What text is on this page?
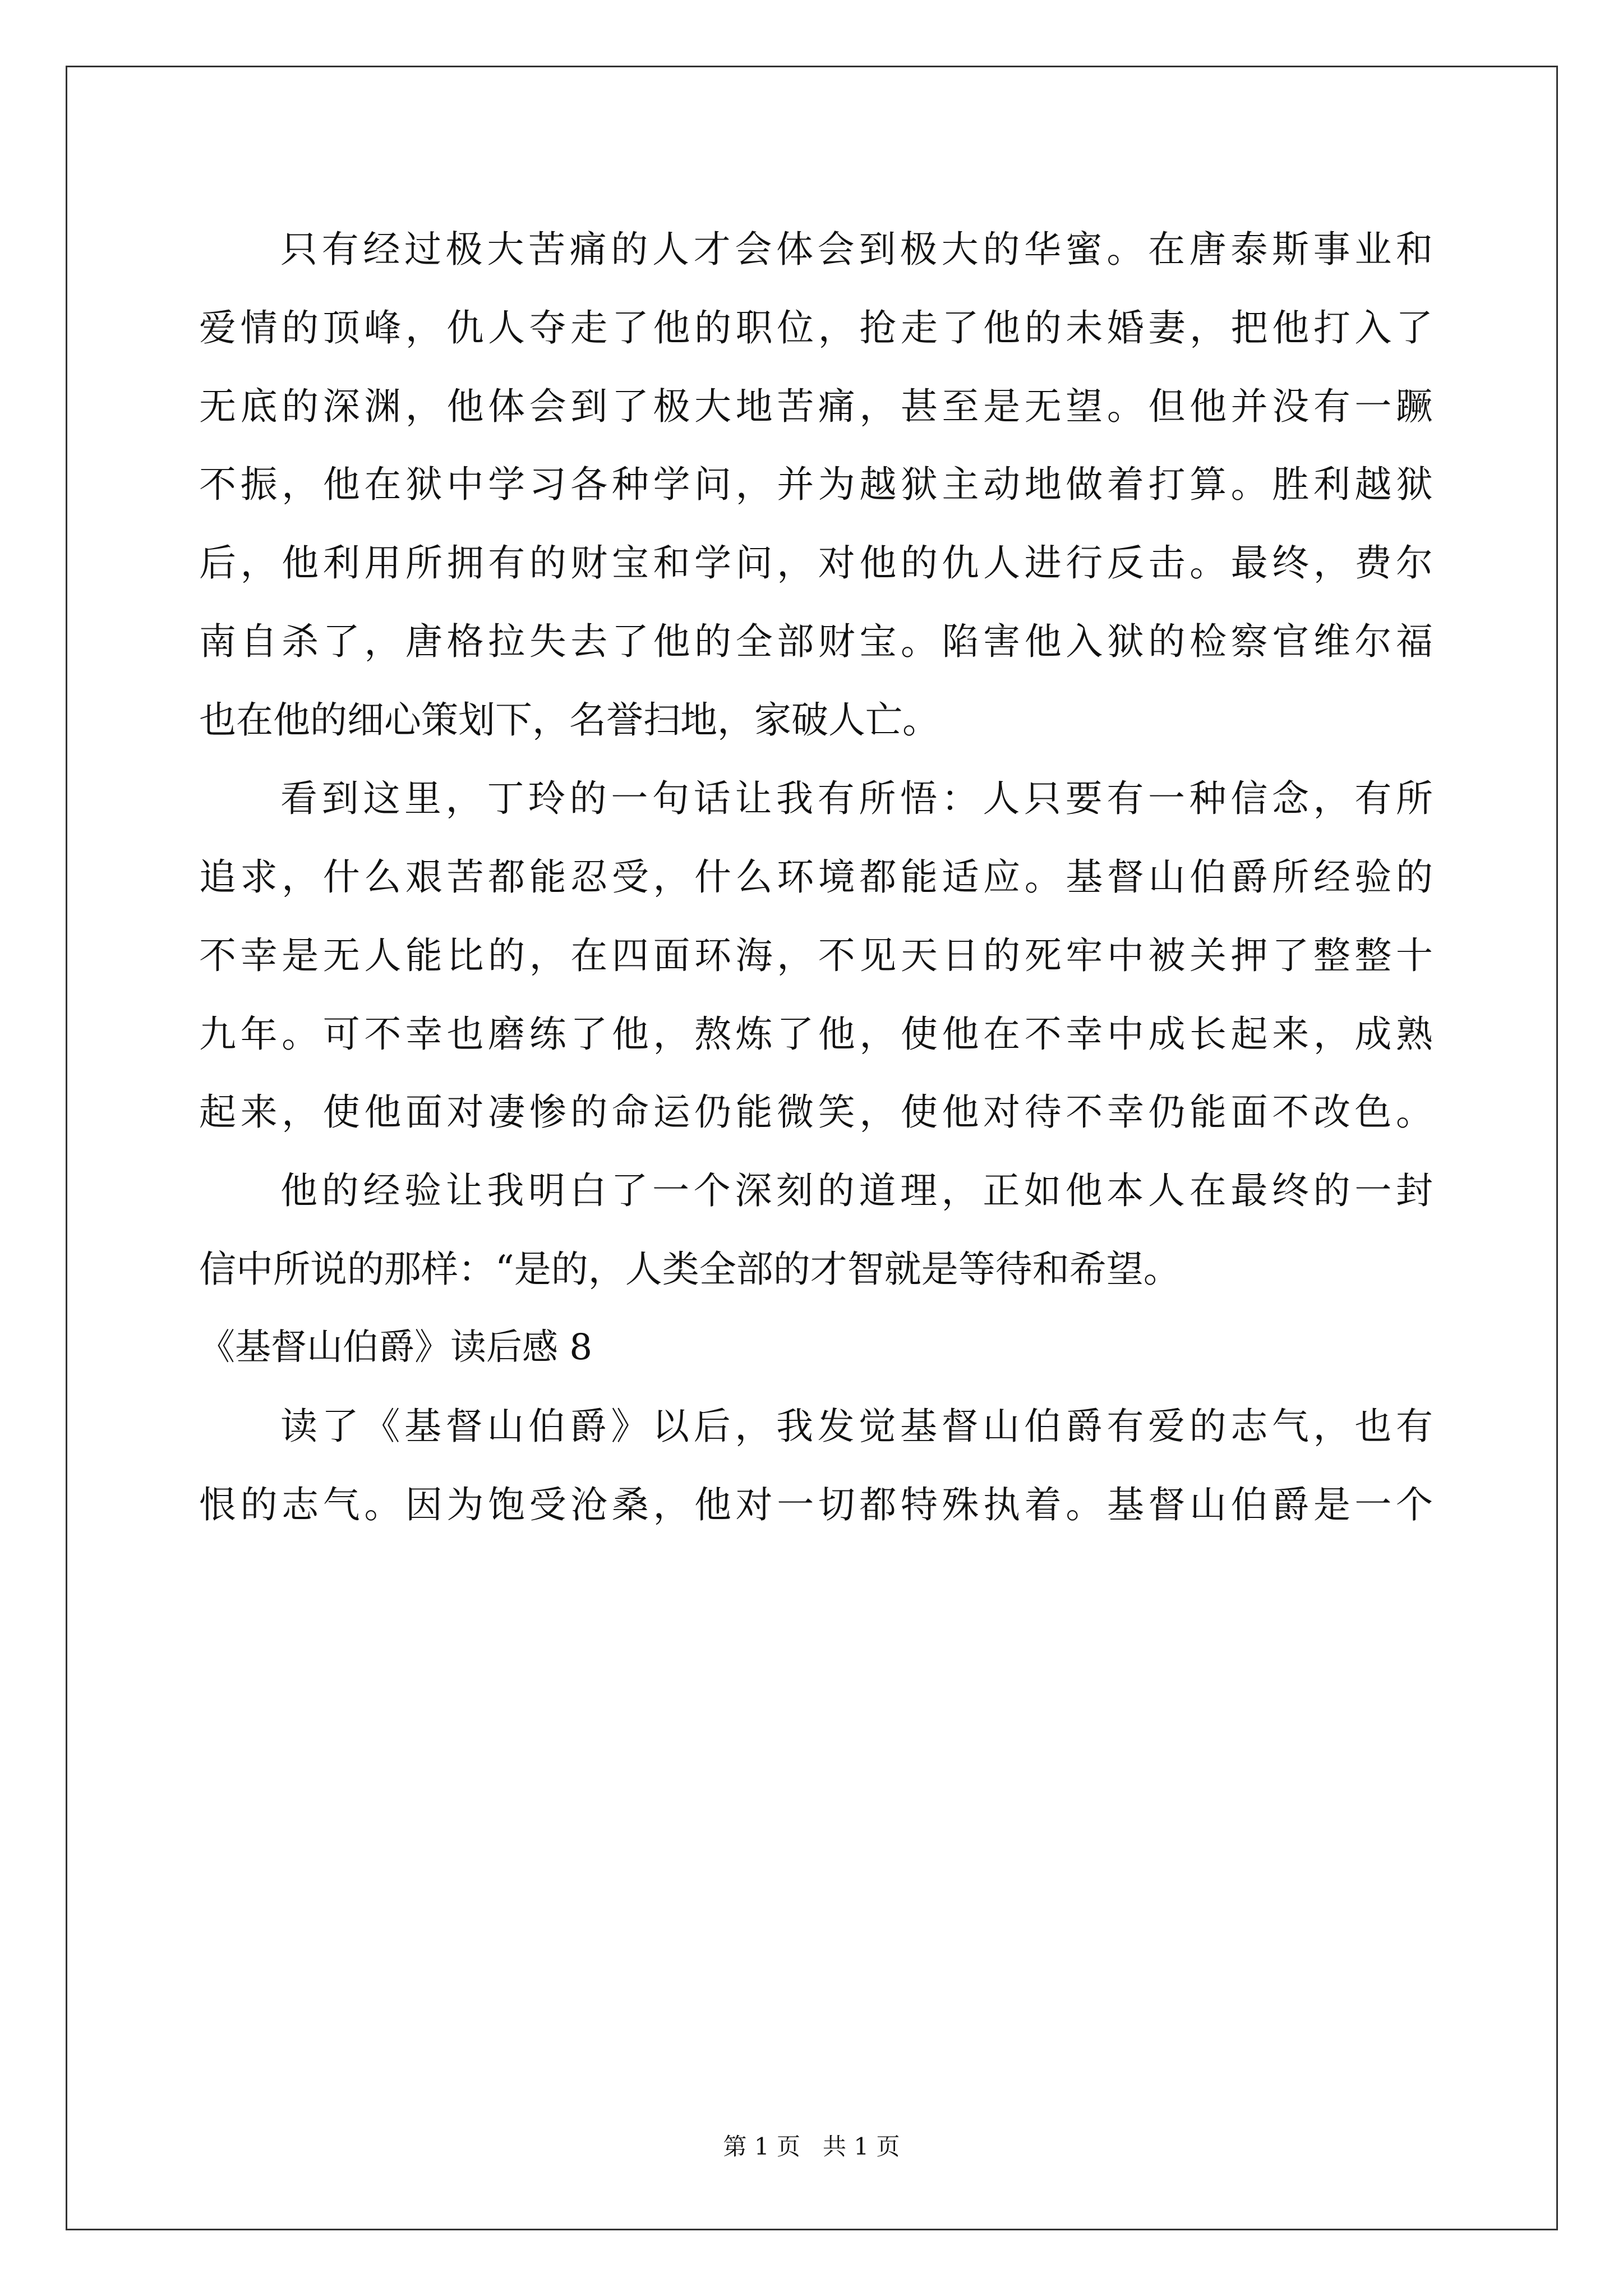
只有经过极大苦痛的人才会体会到极大的华蜜。在唐泰斯事业和
爱情的顶峰，仇人夺走了他的职位，抢走了他的未婚妻，把他打入了
无底的深渊，他体会到了极大地苦痛，甚至是无望。但他并没有一蹶
不振，他在狱中学习各种学问，并为越狱主动地做着打算。胜利越狱
后，他利用所拥有的财宝和学问，对他的仇人进行反击。最终，费尔
南自杀了，唐格拉失去了他的全部财宝。陷害他入狱的检察官维尔福
也在他的细心策划下，名誉扫地，家破人亡。
看到这里，丁玲的一句话让我有所悟：人只要有一种信念，有所
追求，什么艰苦都能忍受，什么环境都能适应。基督山伯爵所经验的
不幸是无人能比的，在四面环海，不见天日的死牢中被关押了整整十
九年。可不幸也磨练了他，熬炼了他，使他在不幸中成长起来，成熟
起来，使他面对凄惨的命运仍能微笑，使他对待不幸仍能面不改色。
他的经验让我明白了一个深刻的道理，正如他本人在最终的一封
信中所说的那样：“是的，人类全部的才智就是等待和希望。
《基督山伯爵》读后感 8
读了《基督山伯爵》以后，我发觉基督山伯爵有爱的志气，也有
恨的志气。因为饱受沧桑，他对一切都特殊执着。基督山伯爵是一个
第 1 页   共 1 页
